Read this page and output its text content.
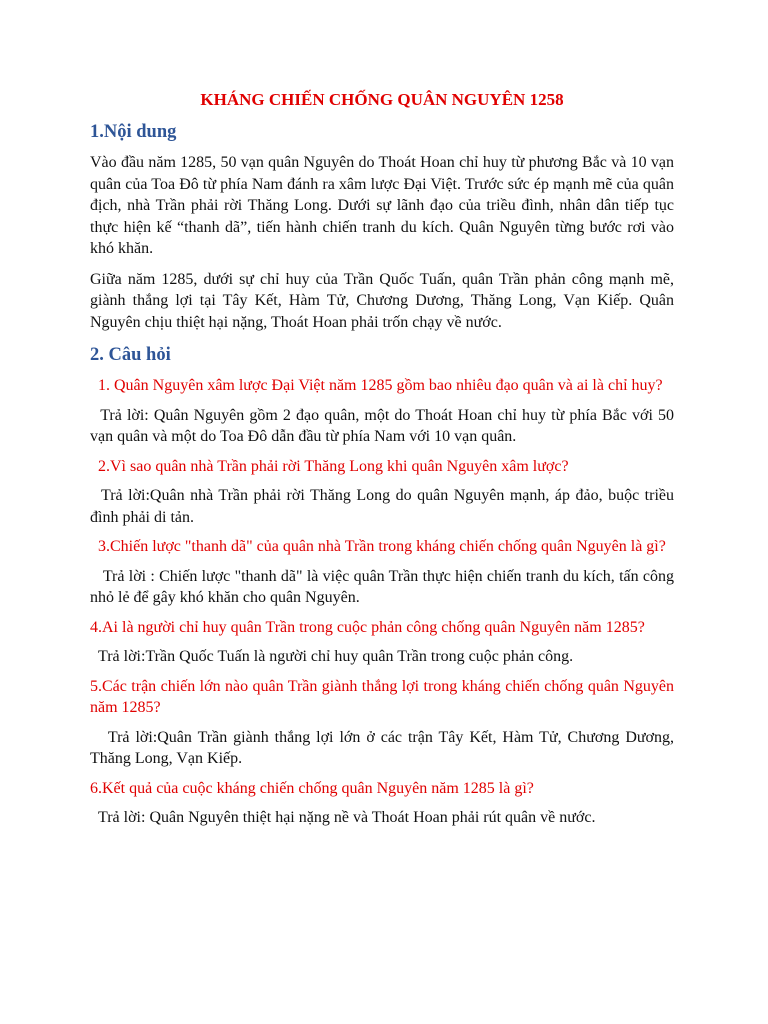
KHÁNG CHIẾN CHỐNG QUÂN NGUYÊN 1258
1.Nội dung

Vào đầu năm 1285, 50 vạn quân Nguyên do Thoát Hoan chỉ huy từ phương Bắc và 10 vạn quân của Toa Đô từ phía Nam đánh ra xâm lược Đại Việt. Trước sức ép mạnh mẽ của quân địch, nhà Trần phải rời Thăng Long. Dưới sự lãnh đạo của triều đình, nhân dân tiếp tục thực hiện kế “thanh dã”, tiến hành chiến tranh du kích. Quân Nguyên từng bước rơi vào khó khăn.

Giữa năm 1285, dưới sự chỉ huy của Trần Quốc Tuấn, quân Trần phản công mạnh mẽ, giành thắng lợi tại Tây Kết, Hàm Tử, Chương Dương, Thăng Long, Vạn Kiếp. Quân Nguyên chịu thiệt hại nặng, Thoát Hoan phải trốn chạy về nước.

2. Câu hỏi

1. Quân Nguyên xâm lược Đại Việt năm 1285 gồm bao nhiêu đạo quân và ai là chỉ huy?

Trả lời: Quân Nguyên gồm 2 đạo quân, một do Thoát Hoan chỉ huy từ phía Bắc với 50 vạn quân và một do Toa Đô dẫn đầu từ phía Nam với 10 vạn quân.

2.Vì sao quân nhà Trần phải rời Thăng Long khi quân Nguyên xâm lược?

Trả lời:Quân nhà Trần phải rời Thăng Long do quân Nguyên mạnh, áp đảo, buộc triều đình phải di tản.

3.Chiến lược "thanh dã" của quân nhà Trần trong kháng chiến chống quân Nguyên là gì?

Trả lời : Chiến lược "thanh dã" là việc quân Trần thực hiện chiến tranh du kích, tấn công nhỏ lẻ để gây khó khăn cho quân Nguyên.

4.Ai là người chỉ huy quân Trần trong cuộc phản công chống quân Nguyên năm 1285?

Trả lời:Trần Quốc Tuấn là người chỉ huy quân Trần trong cuộc phản công.

5.Các trận chiến lớn nào quân Trần giành thắng lợi trong kháng chiến chống quân Nguyên năm 1285?

Trả lời:Quân Trần giành thắng lợi lớn ở các trận Tây Kết, Hàm Tử, Chương Dương, Thăng Long, Vạn Kiếp.

6.Kết quả của cuộc kháng chiến chống quân Nguyên năm 1285 là gì?

Trả lời: Quân Nguyên thiệt hại nặng nề và Thoát Hoan phải rút quân về nước.
